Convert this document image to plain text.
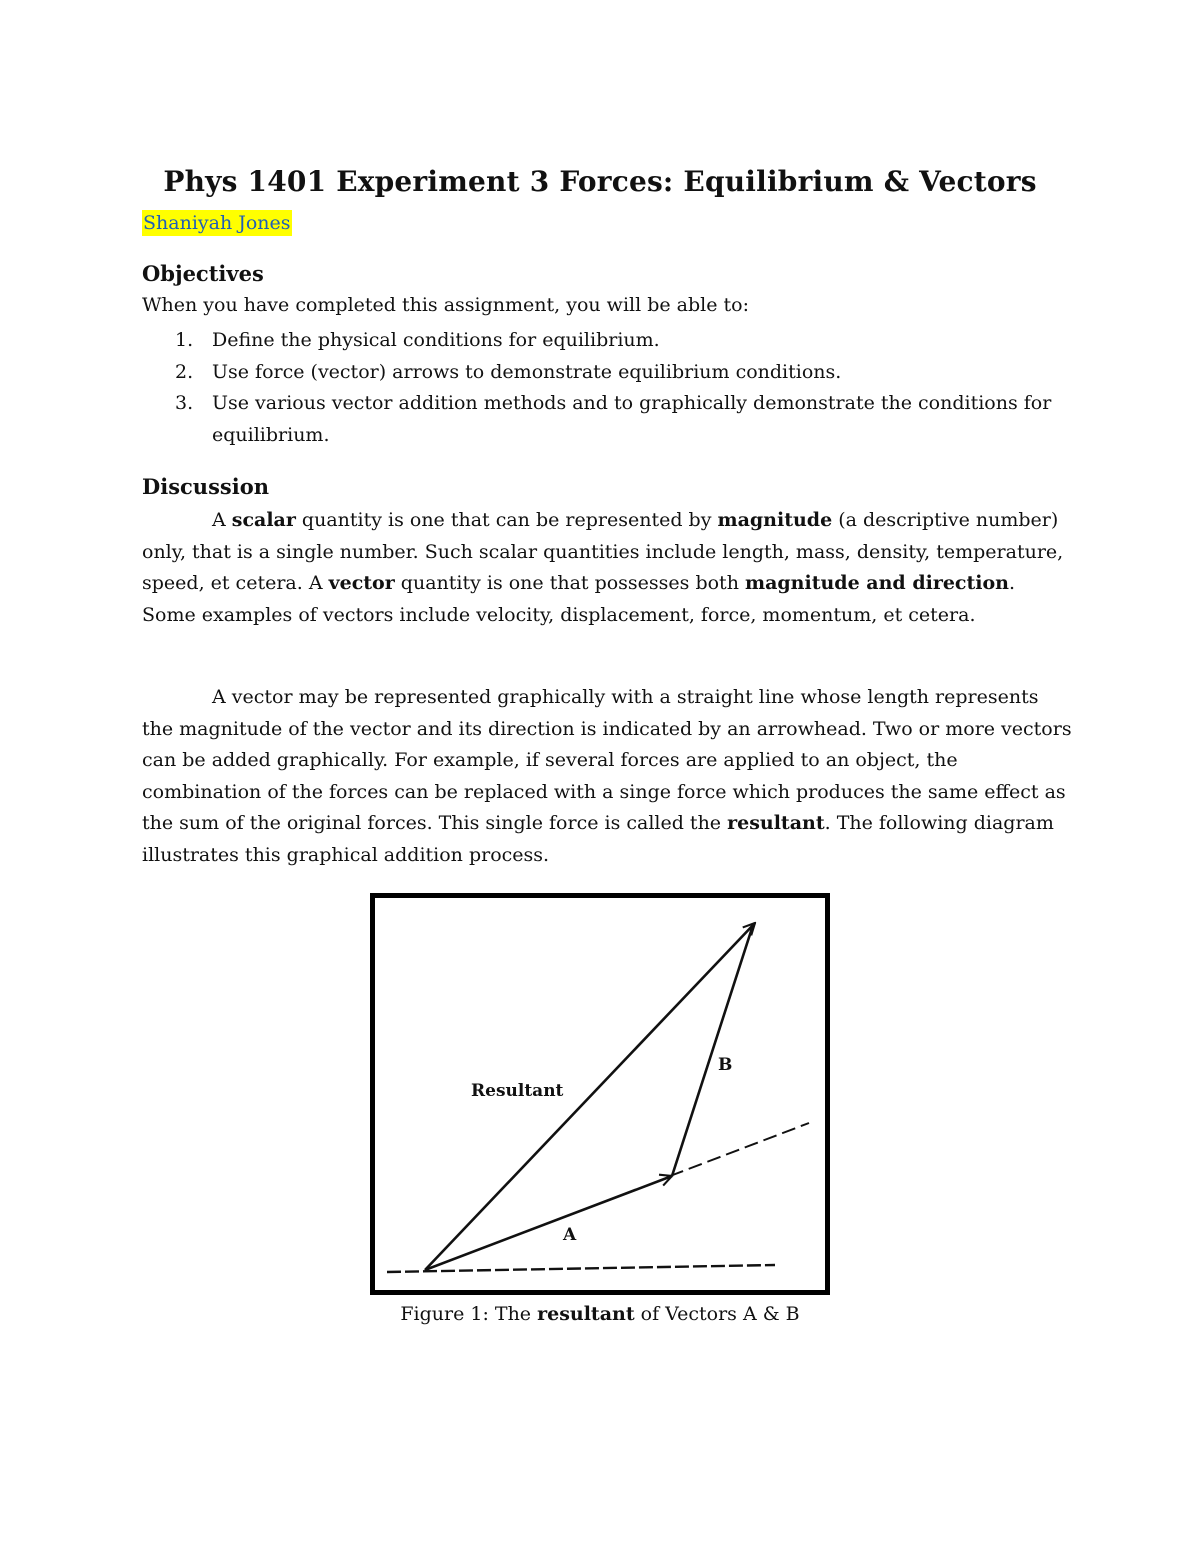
Phys 1401 Experiment 3 Forces: Equilibrium & Vectors
Shaniyah Jones
Objectives
When you have completed this assignment, you will be able to:
1. Define the physical conditions for equilibrium.
2. Use force (vector) arrows to demonstrate equilibrium conditions.
3. Use various vector addition methods and to graphically demonstrate the conditions for equilibrium.
Discussion

A scalar quantity is one that can be represented by magnitude (a descriptive number) only, that is a single number. Such scalar quantities include length, mass, density, temperature, speed, et cetera. A vector quantity is one that possesses both magnitude and direction. Some examples of vectors include velocity, displacement, force, momentum, et cetera.

A vector may be represented graphically with a straight line whose length represents the magnitude of the vector and its direction is indicated by an arrowhead. Two or more vectors can be added graphically. For example, if several forces are applied to an object, the combination of the forces can be replaced with a singe force which produces the same effect as the sum of the original forces. This single force is called the resultant. The following diagram illustrates this graphical addition process.

Resultant
B
A
Figure 1: The resultant of Vectors A & B
